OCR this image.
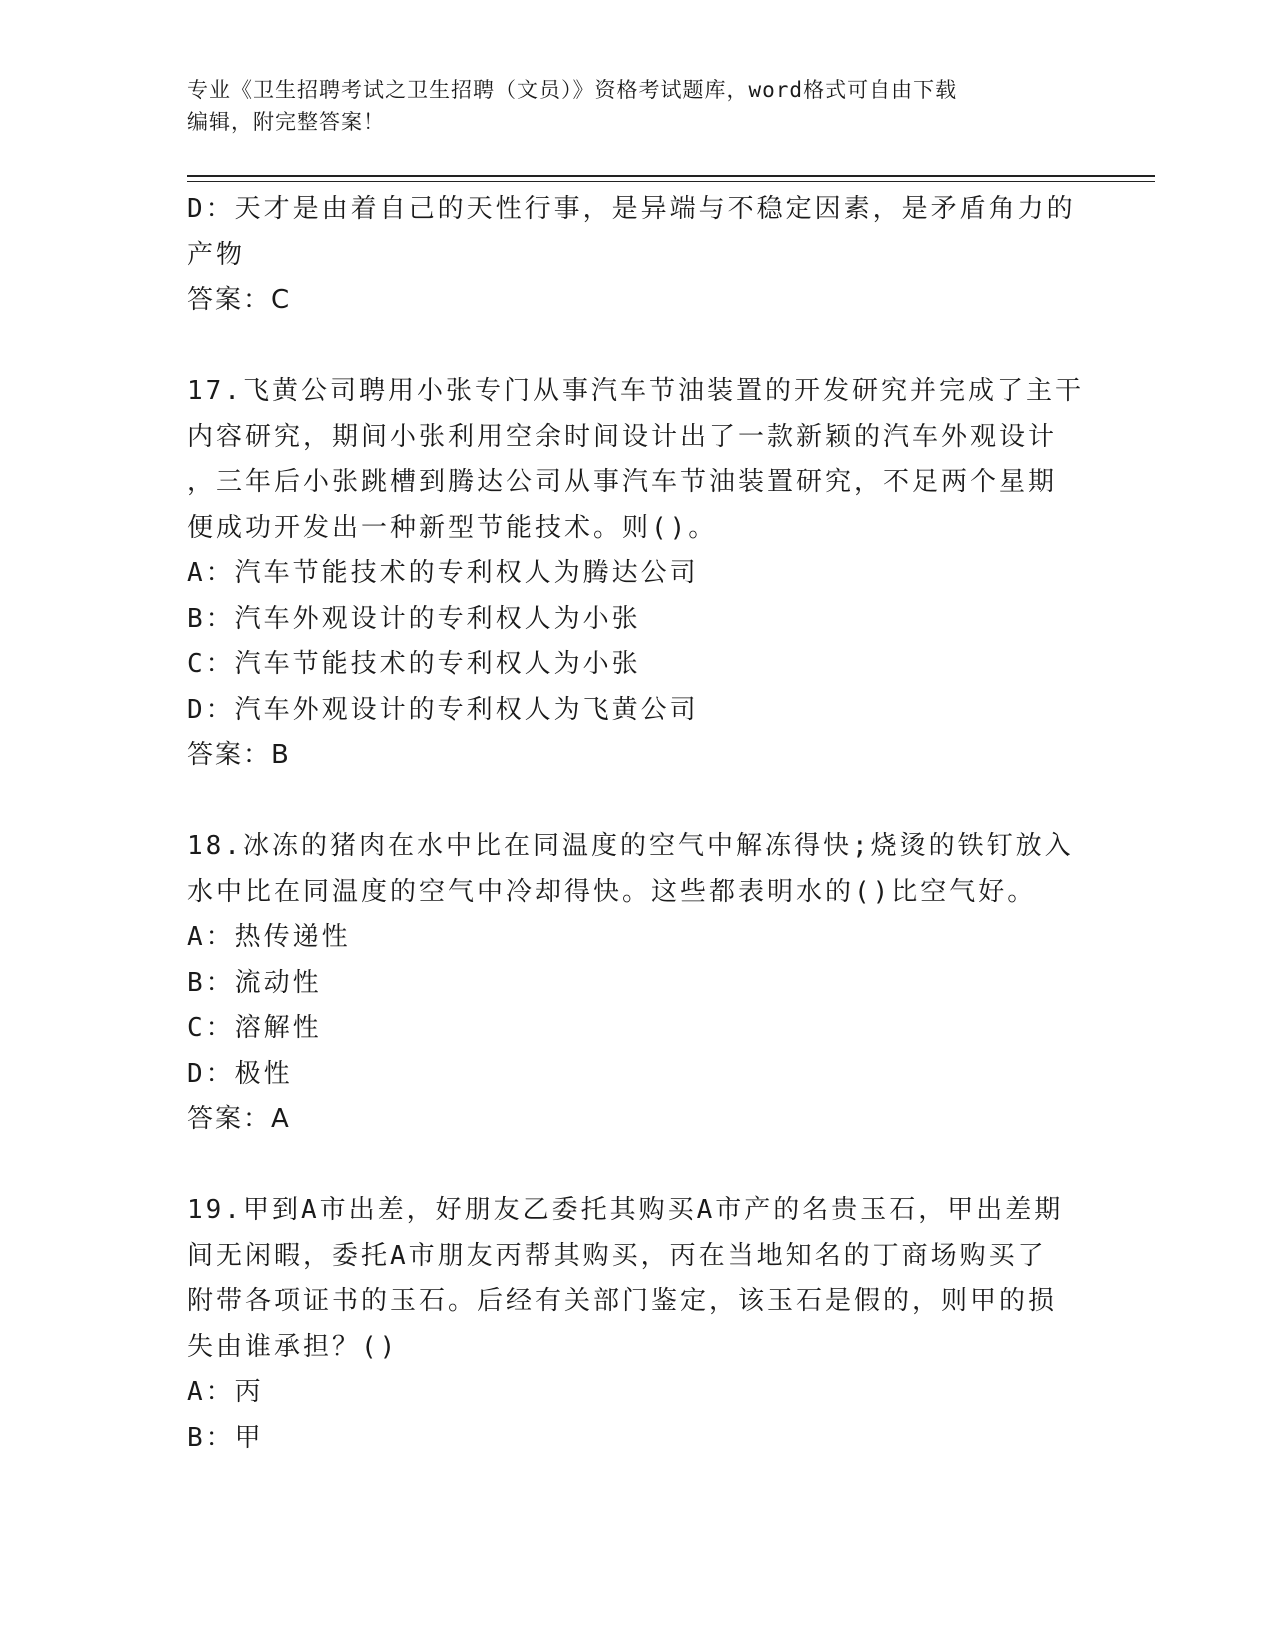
专业《卫生招聘考试之卫生招聘（文员）》资格考试题库，word格式可自由下载
编辑，附完整答案！
D：天才是由着自己的天性行事，是异端与不稳定因素，是矛盾角力的
产物
答案：C
17.飞黄公司聘用小张专门从事汽车节油装置的开发研究并完成了主干
内容研究，期间小张利用空余时间设计出了一款新颖的汽车外观设计
，三年后小张跳槽到腾达公司从事汽车节油装置研究，不足两个星期
便成功开发出一种新型节能技术。则()。
A：汽车节能技术的专利权人为腾达公司
B：汽车外观设计的专利权人为小张
C：汽车节能技术的专利权人为小张
D：汽车外观设计的专利权人为飞黄公司
答案：B
18.冰冻的猪肉在水中比在同温度的空气中解冻得快;烧烫的铁钉放入
水中比在同温度的空气中冷却得快。这些都表明水的()比空气好。
A：热传递性
B：流动性
C：溶解性
D：极性
答案：A
19.甲到A市出差，好朋友乙委托其购买A市产的名贵玉石，甲出差期
间无闲暇，委托A市朋友丙帮其购买，丙在当地知名的丁商场购买了
附带各项证书的玉石。后经有关部门鉴定，该玉石是假的，则甲的损
失由谁承担？()
A：丙
B：甲
